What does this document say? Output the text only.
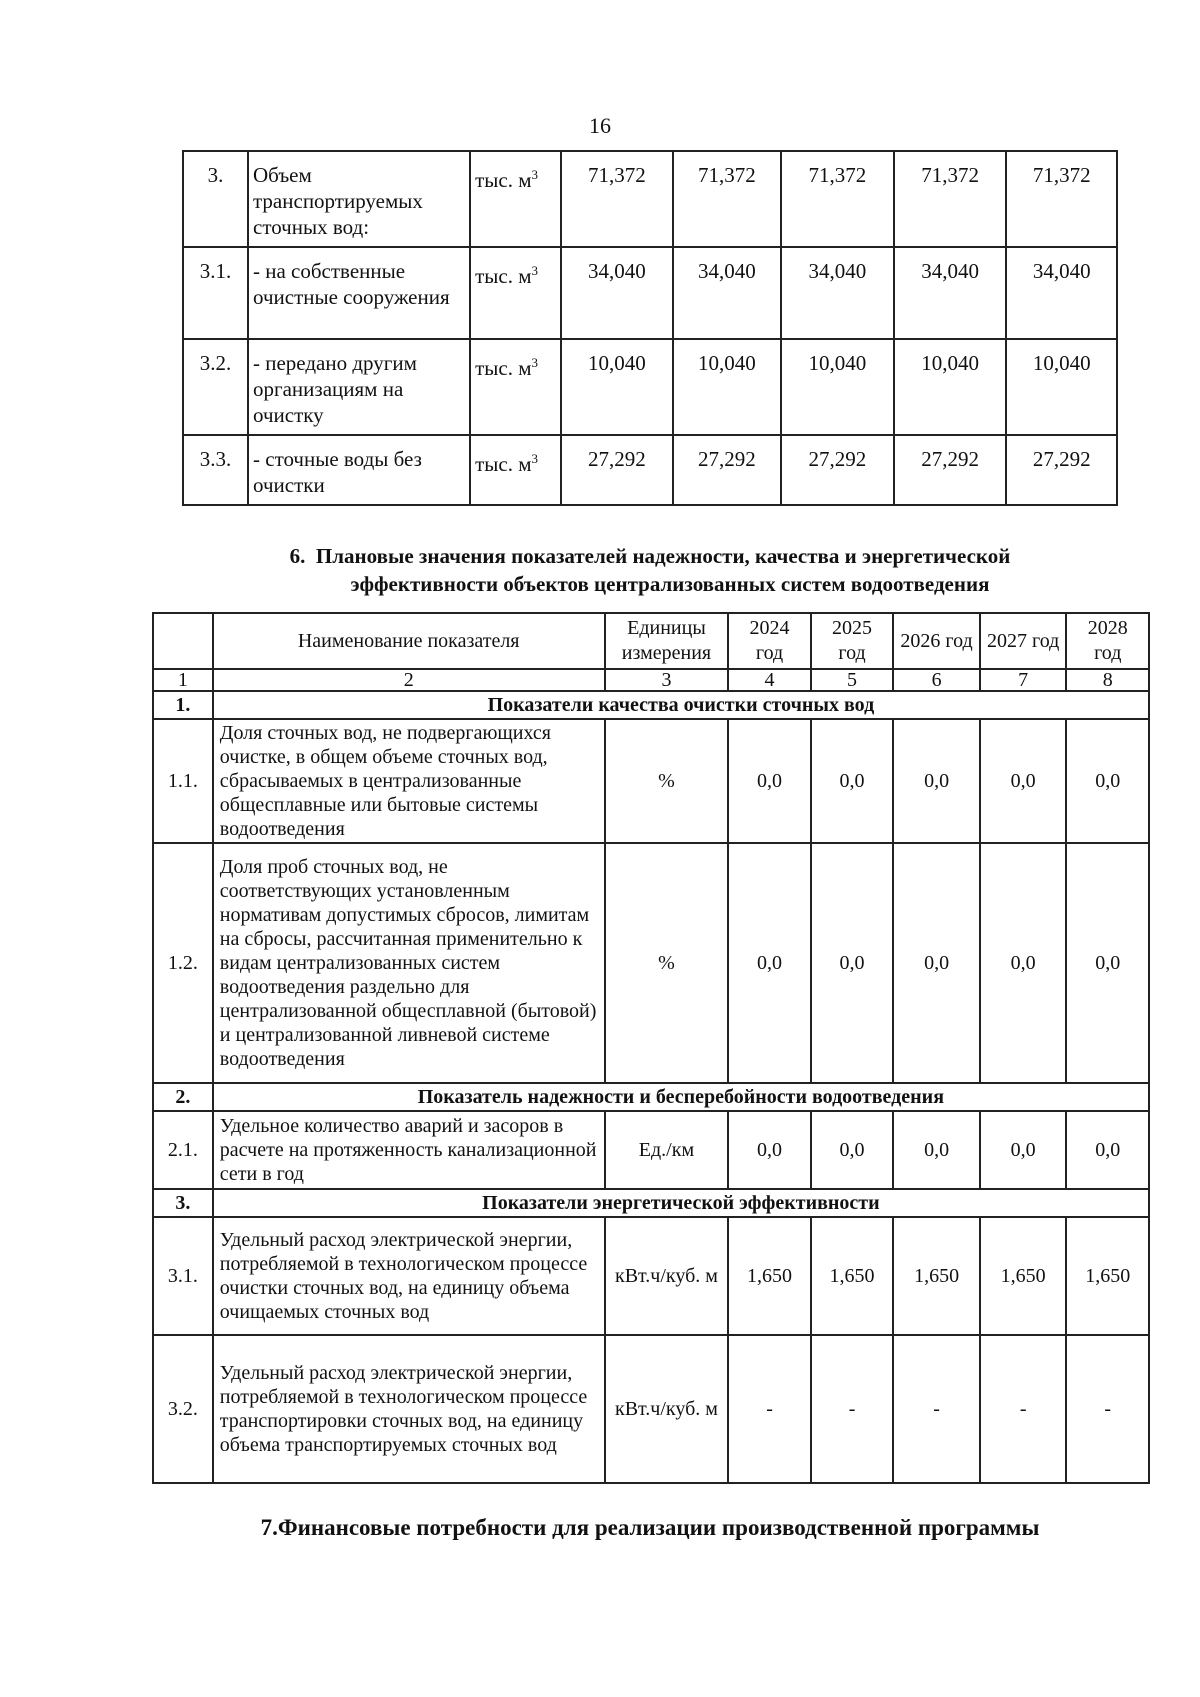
16
3.	Объем транспортируемых сточных вод:	тыс. $м^3$	71,372	71,372	71,372	71,372	71,372
3.1.	- на собственные очистные сооружения	тыс. $м^3$	34,040	34,040	34,040	34,040	34,040
3.2.	- передано другим организациям на очистку	тыс. $м^3$	10,040	10,040	10,040	10,040	10,040
3.3.	- сточные воды без очистки	тыс. $м^3$	27,292	27,292	27,292	27,292	27,292
6. Плановые значения показателей надежности, качества и энергетической
эффективности объектов централизованных систем водоотведения
	Наименование показателя	Единицы измерения	2024 год	2025 год	2026 год	2027 год	2028 год
1	2	3	4	5	6	7	8
1.	Показатели качества очистки сточных вод						
1.1.	Доля сточных вод, не подвергающихся очистке, в общем объеме сточных вод, сбрасываемых в централизованные общесплавные или бытовые системы водоотведения	%	0,0	0,0	0,0	0,0	0,0
1.2.	Доля проб сточных вод, не соответствующих установленным нормативам допустимых сбросов, лимитам на сбросы, рассчитанная применительно к видам централизованных систем водоотведения раздельно для централизованной общесплавной (бытовой) и централизованной ливневой системе водоотведения	%	0,0	0,0	0,0	0,0	0,0
2.	Показатель надежности и бесперебойности водоотведения						
2.1.	Удельное количество аварий и засоров в расчете на протяженность канализационной сети в год	Ед./км	0,0	0,0	0,0	0,0	0,0
3.	Показатели энергетической эффективности						
3.1.	Удельный расход электрической энергии, потребляемой в технологическом процессе очистки сточных вод, на единицу объема очищаемых сточных вод	кВт.ч/куб. м	1,650	1,650	1,650	1,650	1,650
3.2.	Удельный расход электрической энергии, потребляемой в технологическом процессе транспортировки сточных вод, на единицу объема транспортируемых сточных вод	кВт.ч/куб. м	-	-	-	-	-
7.Финансовые потребности для реализации производственной программы
